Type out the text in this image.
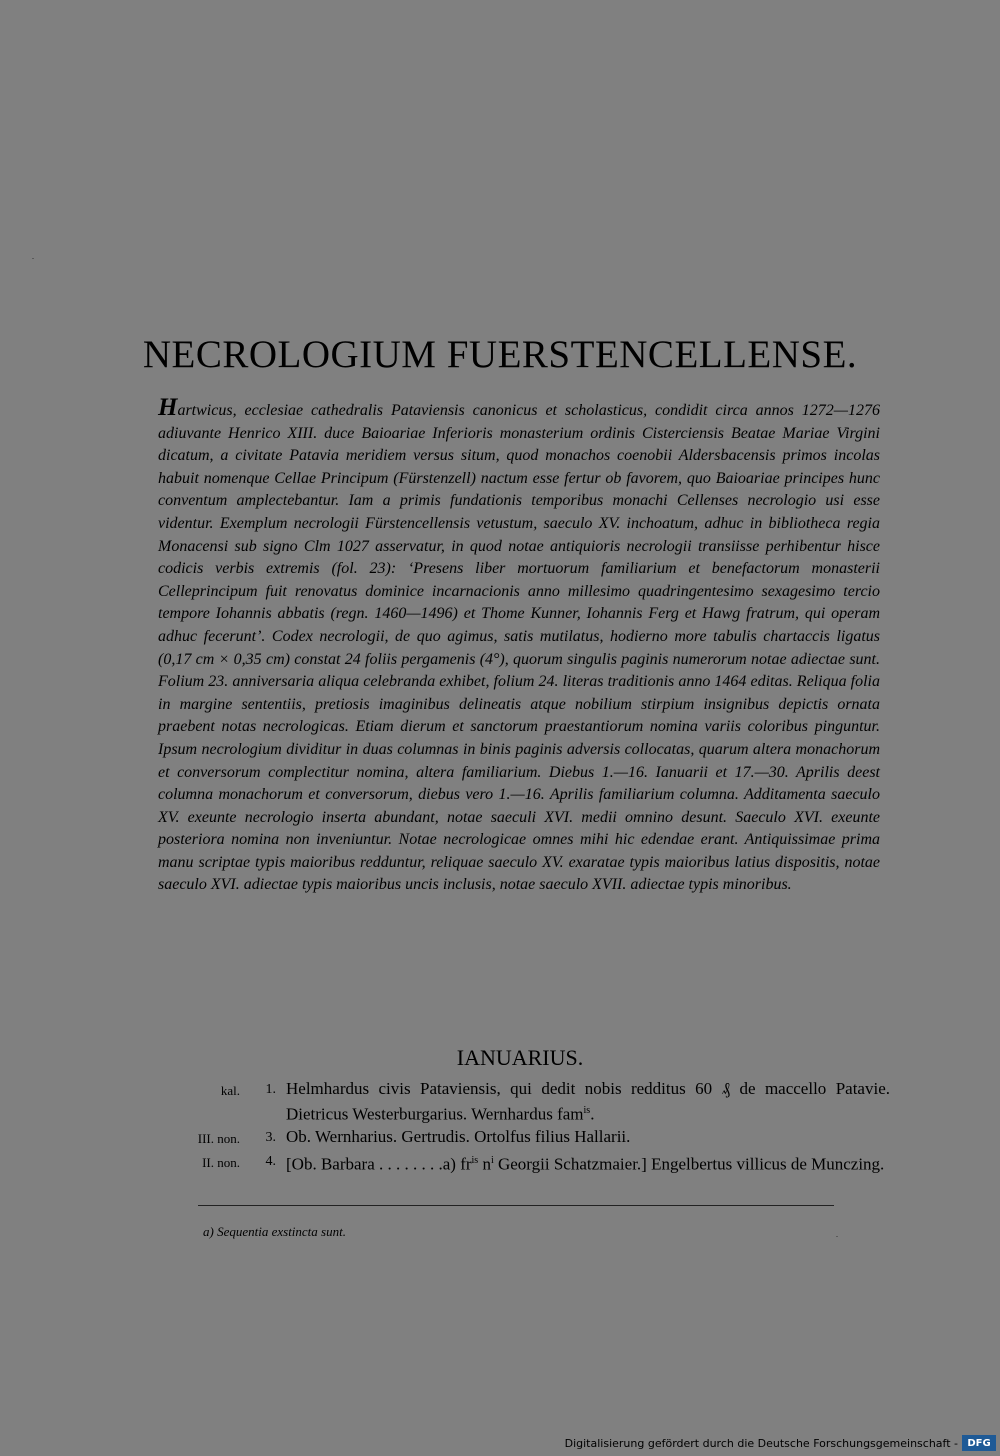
NECROLOGIUM FUERSTENCELLENSE.

Hartwicus, ecclesiae cathedralis Pataviensis canonicus et scholasticus, condidit circa annos 1272—1276 adiuvante Henrico XIII. duce Baioariae Inferioris monasterium ordinis Cisterciensis Beatae Mariae Virgini dicatum, a civitate Patavia meridiem versus situm, quod monachos coenobii Aldersbacensis primos incolas habuit nomenque Cellae Principum (Fürstenzell) nactum esse fertur ob favorem, quo Baioariae principes hunc conventum amplectebantur. Iam a primis fundationis temporibus monachi Cellenses necrologio usi esse videntur. Exemplum necrologii Fürstencellensis vetustum, saeculo XV. inchoatum, adhuc in bibliotheca regia Monacensi sub signo Clm 1027 asservatur, in quod notae antiquioris necrologii transiisse perhibentur hisce codicis verbis extremis (fol. 23): ‘Presens liber mortuorum familiarium et benefactorum monasterii Celleprincipum fuit renovatus dominice incarnacionis anno millesimo quadringentesimo sexagesimo tercio tempore Iohannis abbatis (regn. 1460—1496) et Thome Kunner, Iohannis Ferg et Hawg fratrum, qui operam adhuc fecerunt’. Codex necrologii, de quo agimus, satis mutilatus, hodierno more tabulis chartaccis ligatus (0,17 cm × 0,35 cm) constat 24 foliis pergamenis (4°), quorum singulis paginis numerorum notae adiectae sunt. Folium 23. anniversaria aliqua celebranda exhibet, folium 24. literas traditionis anno 1464 editas. Reliqua folia in margine sententiis, pretiosis imaginibus delineatis atque nobilium stirpium insignibus depictis ornata praebent notas necrologicas. Etiam dierum et sanctorum praestantiorum nomina variis coloribus pinguntur. Ipsum necrologium dividitur in duas columnas in binis paginis adversis collocatas, quarum altera monachorum et conversorum complectitur nomina, altera familiarium. Diebus 1.—16. Ianuarii et 17.—30. Aprilis deest columna monachorum et conversorum, diebus vero 1.—16. Aprilis familiarium columna. Additamenta saeculo XV. exeunte necrologio inserta abundant, notae saeculi XVI. medii omnino desunt. Saeculo XVI. exeunte posteriora nomina non inveniuntur. Notae necrologicae omnes mihi hic edendae erant. Antiquissimae prima manu scriptae typis maioribus redduntur, reliquae saeculo XV. exaratae typis maioribus latius dispositis, notae saeculo XVI. adiectae typis maioribus uncis inclusis, notae saeculo XVII. adiectae typis minoribus.

IANUARIUS.
kal.	1. Helmhardus civis Pataviensis, qui dedit nobis redditus 60 ₰ de maccello Patavie. Dietricus Westerburgarius. Wernhardus fam$^{is}$.
III. non.	3. Ob. Wernharius. Gertrudis. Ortolfus filius Hallarii.
II. non.	4. [Ob. Barbara . . . . . . . .a) $fr^{is}$ $n^i$ Georgii Schatzmaier.] Engelbertus villicus de Munczing.
a) Sequentia exstincta sunt.
Digitalisierung gefördert durch die Deutsche Forschungsgemeinschaft - DFG
